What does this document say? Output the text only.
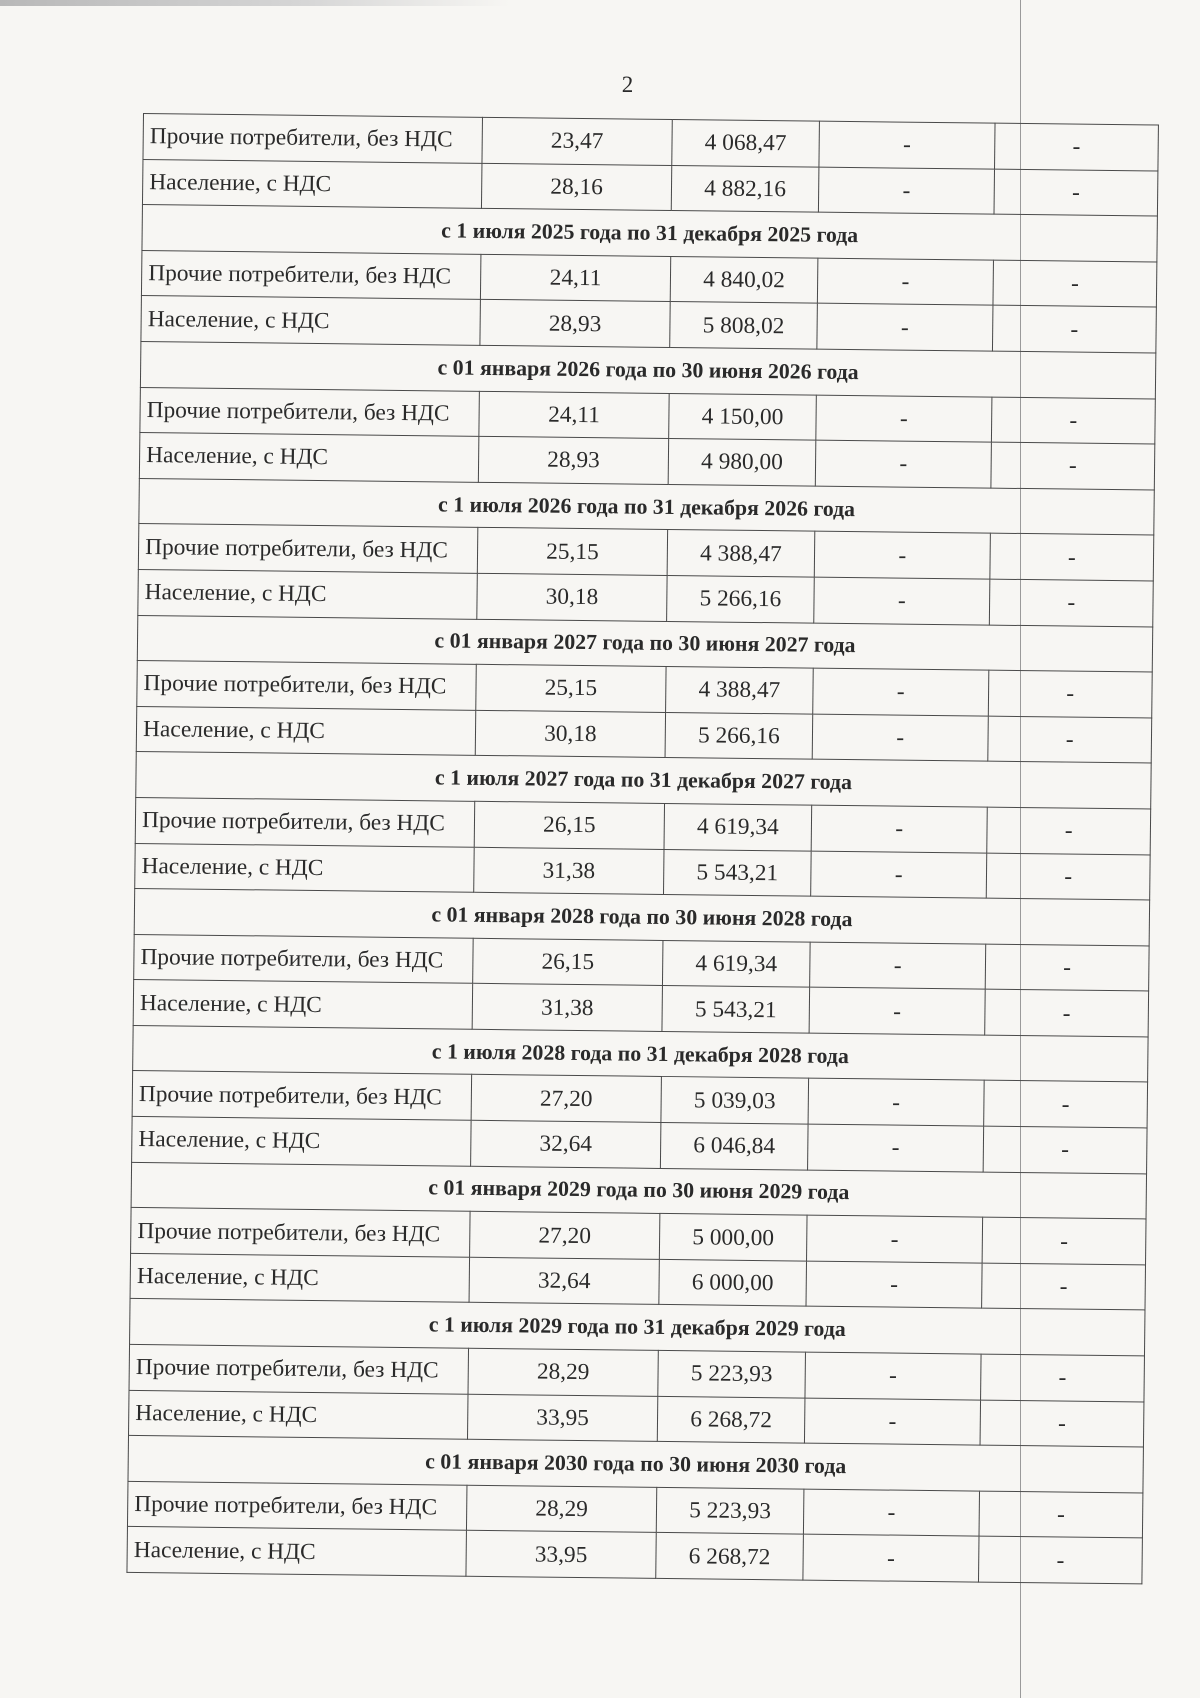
2
Прочие потребители, без НДС	23,47	4 068,47	-	-
Население, с НДС	28,16	4 882,16	-	-
с 1 июля 2025 года по 31 декабря 2025 года				
Прочие потребители, без НДС	24,11	4 840,02	-	-
Население, с НДС	28,93	5 808,02	-	-
с 01 января 2026 года по 30 июня 2026 года				
Прочие потребители, без НДС	24,11	4 150,00	-	-
Население, с НДС	28,93	4 980,00	-	-
с 1 июля 2026 года по 31 декабря 2026 года				
Прочие потребители, без НДС	25,15	4 388,47	-	-
Население, с НДС	30,18	5 266,16	-	-
с 01 января 2027 года по 30 июня 2027 года				
Прочие потребители, без НДС	25,15	4 388,47	-	-
Население, с НДС	30,18	5 266,16	-	-
с 1 июля 2027 года по 31 декабря 2027 года				
Прочие потребители, без НДС	26,15	4 619,34	-	-
Население, с НДС	31,38	5 543,21	-	-
с 01 января 2028 года по 30 июня 2028 года				
Прочие потребители, без НДС	26,15	4 619,34	-	-
Население, с НДС	31,38	5 543,21	-	-
с 1 июля 2028 года по 31 декабря 2028 года				
Прочие потребители, без НДС	27,20	5 039,03	-	-
Население, с НДС	32,64	6 046,84	-	-
с 01 января 2029 года по 30 июня 2029 года				
Прочие потребители, без НДС	27,20	5 000,00	-	-
Население, с НДС	32,64	6 000,00	-	-
с 1 июля 2029 года по 31 декабря 2029 года				
Прочие потребители, без НДС	28,29	5 223,93	-	-
Население, с НДС	33,95	6 268,72	-	-
с 01 января 2030 года по 30 июня 2030 года				
Прочие потребители, без НДС	28,29	5 223,93	-	-
Население, с НДС	33,95	6 268,72	-	-
